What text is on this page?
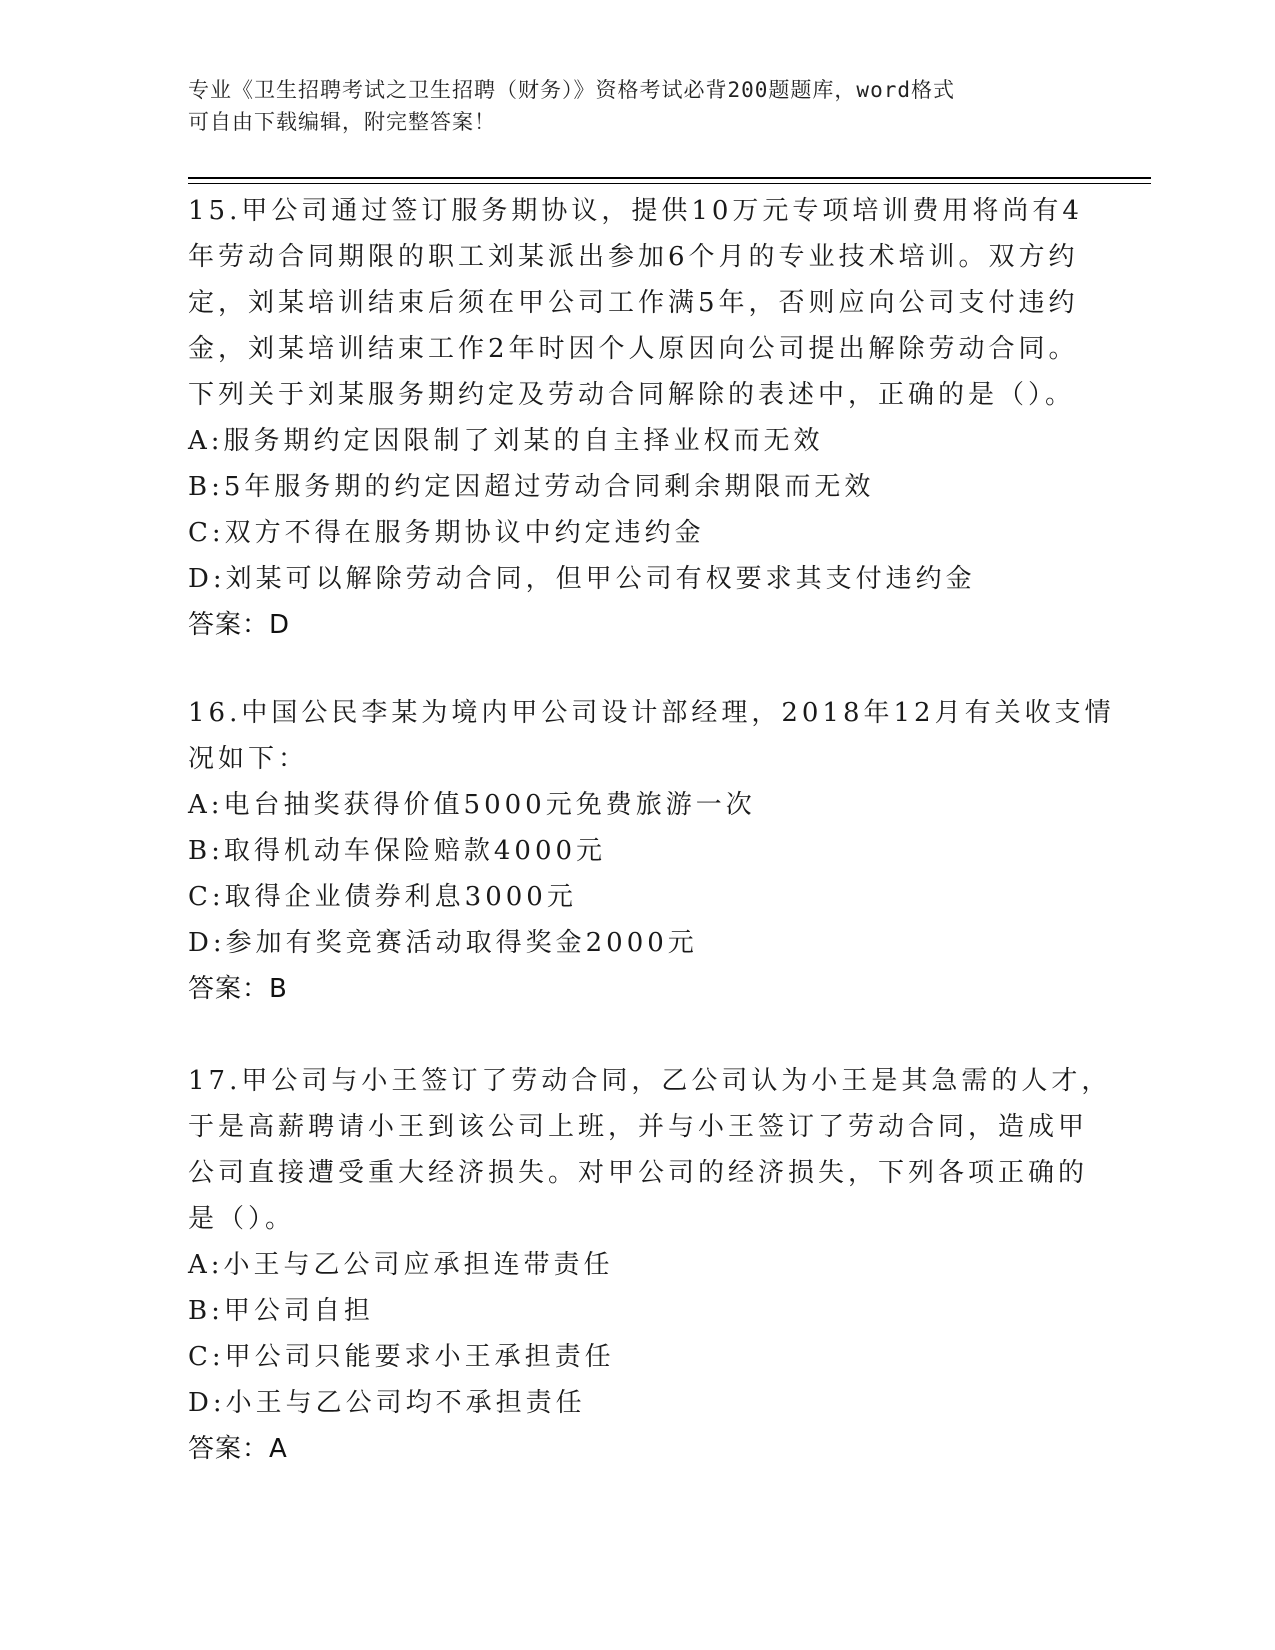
专业《卫生招聘考试之卫生招聘（财务）》资格考试必背200题题库，word格式
可自由下载编辑，附完整答案！
15.甲公司通过签订服务期协议，提供10万元专项培训费用将尚有4
年劳动合同期限的职工刘某派出参加6个月的专业技术培训。双方约
定，刘某培训结束后须在甲公司工作满5年，否则应向公司支付违约
金，刘某培训结束工作2年时因个人原因向公司提出解除劳动合同。
下列关于刘某服务期约定及劳动合同解除的表述中，正确的是（）。
A:服务期约定因限制了刘某的自主择业权而无效
B:5年服务期的约定因超过劳动合同剩余期限而无效
C:双方不得在服务期协议中约定违约金
D:刘某可以解除劳动合同，但甲公司有权要求其支付违约金
答案：D
16.中国公民李某为境内甲公司设计部经理，2018年12月有关收支情
况如下：
A:电台抽奖获得价值5000元免费旅游一次
B:取得机动车保险赔款4000元
C:取得企业债券利息3000元
D:参加有奖竞赛活动取得奖金2000元
答案：B
17.甲公司与小王签订了劳动合同，乙公司认为小王是其急需的人才，
于是高薪聘请小王到该公司上班，并与小王签订了劳动合同，造成甲
公司直接遭受重大经济损失。对甲公司的经济损失，下列各项正确的
是（）。
A:小王与乙公司应承担连带责任
B:甲公司自担
C:甲公司只能要求小王承担责任
D:小王与乙公司均不承担责任
答案：A
